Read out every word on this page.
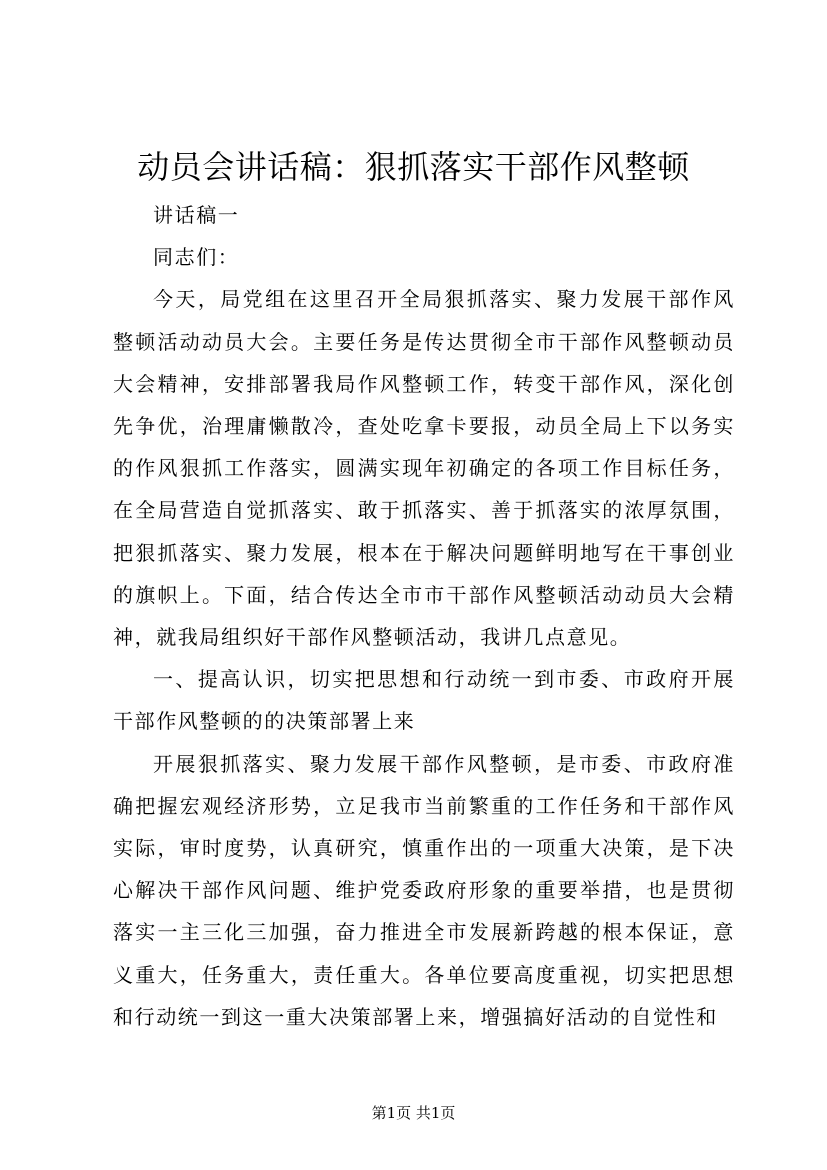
动员会讲话稿：狠抓落实干部作风整顿

讲话稿一

同志们：

今天，局党组在这里召开全局狠抓落实、聚力发展干部作风整顿活动动员大会。主要任务是传达贯彻全市干部作风整顿动员大会精神，安排部署我局作风整顿工作，转变干部作风，深化创先争优，治理庸懒散冷，查处吃拿卡要报，动员全局上下以务实的作风狠抓工作落实，圆满实现年初确定的各项工作目标任务，在全局营造自觉抓落实、敢于抓落实、善于抓落实的浓厚氛围，把狠抓落实、聚力发展，根本在于解决问题鲜明地写在干事创业的旗帜上。下面，结合传达全市市干部作风整顿活动动员大会精神，就我局组织好干部作风整顿活动，我讲几点意见。

一、提高认识，切实把思想和行动统一到市委、市政府开展干部作风整顿的的决策部署上来

开展狠抓落实、聚力发展干部作风整顿，是市委、市政府准确把握宏观经济形势，立足我市当前繁重的工作任务和干部作风实际，审时度势，认真研究，慎重作出的一项重大决策，是下决心解决干部作风问题、维护党委政府形象的重要举措，也是贯彻落实一主三化三加强，奋力推进全市发展新跨越的根本保证，意义重大，任务重大，责任重大。各单位要高度重视，切实把思想和行动统一到这一重大决策部署上来，增强搞好活动的自觉性和

第1页 共1页
